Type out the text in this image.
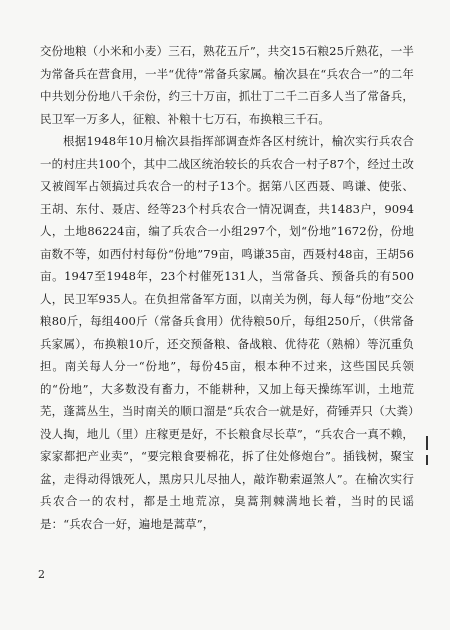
交份地粮（小米和小麦）三石，熟花五斤”，共交15石粮25斤熟花，一半为常备兵在营食用，一半“优待”常备兵家属。榆次县在“兵农合一”的二年中共划分份地八千余份，约三十万亩，抓壮丁二千二百多人当了常备兵，民卫军一万多人，征粮、补粮十七万石，布换粮三千石。

根据1948年10月榆次县指挥部调查炸各区村统计，榆次实行兵农合一的村庄共100个，其中二战区统治较长的兵农合一村子87个，经过土改又被阎军占领搞过兵农合一的村子13个。据第八区西聂、鸣谦、使张、王胡、东付、聂店、经等23个村兵农合一情况调查，共1483户，9094人，土地86224亩，编了兵农合一小组297个，划“份地”1672份，份地亩数不等，如西付村每份“份地”79亩，鸣谦35亩，西聂村48亩，王胡56亩。1947至1948年，23个村催死131人，当常备兵、预备兵的有500人，民卫军935人。在负担常备军方面，以南关为例，每人每“份地”交公粮80斤，每组400斤（常备兵食用）优待粮50斤，每组250斤，（供常备兵家属），布换粮10斤，还交预备粮、备战粮、优待花（熟棉）等沉重负担。南关每人分一“份地”，每份45亩，根本种不过来，这些国民兵领的“份地”，大多数没有畜力，不能耕种，又加上每天操练军训，土地荒芜，蓬蒿丛生，当时南关的顺口溜是“兵农合一就是好，荷锤弄只（大粪）没人掏，地儿（里）庄稼更是好，不长粮食尽长草”，“兵农合一真不赖，家家都把产业卖”，“要完粮食要棉花，拆了住处修炮台”。插钱树，聚宝盆，走得动得饿死人，黑房只儿尽抽人，敲诈勒索逼煞人”。在榆次实行兵农合一的农村，都是土地荒凉，臭蒿荆棘满地长着，当时的民谣是：“兵农合一好，遍地是蒿草”，

2
